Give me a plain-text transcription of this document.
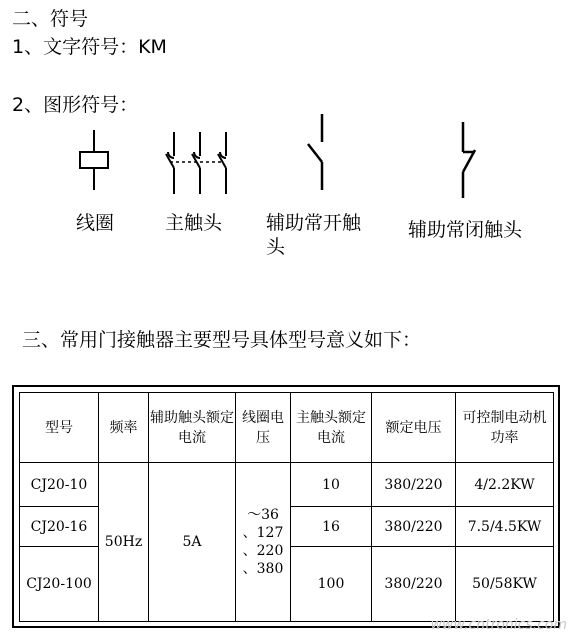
二、符号
1、文字符号：KM
2、图形符号：
线圈	主触头 辅助常开触头
辅助常闭触头
三、常用门接触器主要型号具体型号意义如下：
型号	频率	辅助触头额定电流	线圈电压	主触头额定电流	额定电压	可控制电动机功率
CJ20-10	50Hz	5A	～36
、127
、220
、380	10	380/220	4/2.2KW
CJ20-16				16	380/220	7.5/4.5KW
CJ20-100				100	380/220	50/58KW
www.cntronics.com
